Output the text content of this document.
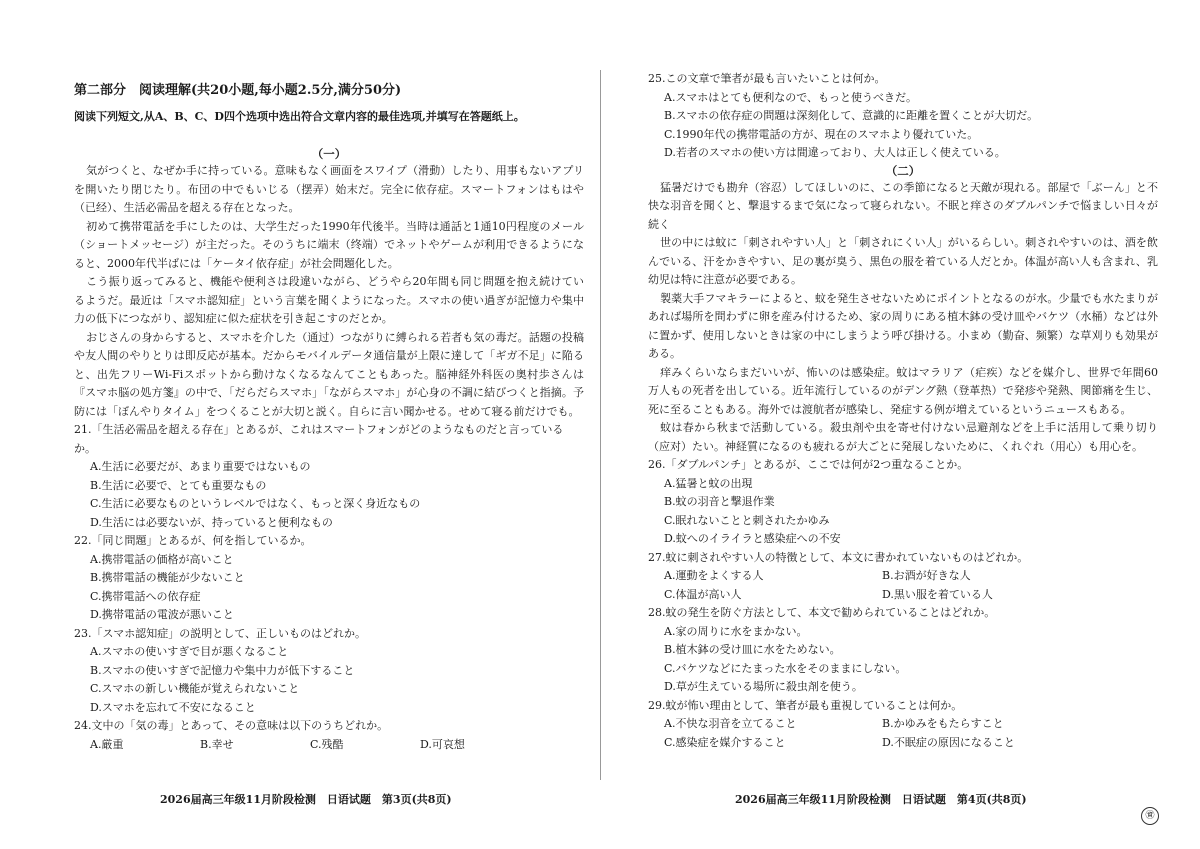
第二部分　阅读理解(共20小题,每小题2.5分,满分50分)
阅读下列短文,从A、B、C、D四个选项中选出符合文章内容的最佳选项,并填写在答题纸上。
（一）

気がつくと、なぜか手に持っている。意味もなく画面をスワイプ（滑動）したり、用事もないアプリを開いたり閉じたり。布団の中でもいじる（摆弄）始末だ。完全に依存症。スマートフォンはもはや（已经）、生活必需品を超える存在となった。

初めて携帯電話を手にしたのは、大学生だった1990年代後半。当時は通話と1通10円程度のメール（ショートメッセージ）が主だった。そのうちに端末（终端）でネットやゲームが利用できるようになると、2000年代半ばには「ケータイ依存症」が社会問題化した。

こう振り返ってみると、機能や便利さは段違いながら、どうやら20年間も同じ問題を抱え続けているようだ。最近は「スマホ認知症」という言葉を聞くようになった。スマホの使い過ぎが記憶力や集中力の低下につながり、認知症に似た症状を引き起こすのだとか。

おじさんの身からすると、スマホを介した（通过）つながりに縛られる若者も気の毒だ。話題の投稿や友人間のやりとりは即反応が基本。だからモバイルデータ通信量が上限に達して「ギガ不足」に陥ると、出先フリーWi-Fiスポットから動けなくなるなんてこともあった。脳神経外科医の奥村歩さんは『スマホ脳の処方箋』の中で、「だらだらスマホ」「ながらスマホ」が心身の不調に結びつくと指摘。予防には「ぼんやりタイム」をつくることが大切と説く。自らに言い聞かせる。せめて寝る前だけでも。

21.「生活必需品を超える存在」とあるが、これはスマートフォンがどのようなものだと言っているか。
A.生活に必要だが、あまり重要ではないもの
B.生活に必要で、とても重要なもの
C.生活に必要なものというレベルではなく、もっと深く身近なもの
D.生活には必要ないが、持っていると便利なもの
22.「同じ問題」とあるが、何を指しているか。
A.携帯電話の価格が高いこと
B.携帯電話の機能が少ないこと
C.携帯電話への依存症
D.携帯電話の電波が悪いこと
23.「スマホ認知症」の説明として、正しいものはどれか。
A.スマホの使いすぎで目が悪くなること
B.スマホの使いすぎで記憶力や集中力が低下すること
C.スマホの新しい機能が覚えられないこと
D.スマホを忘れて不安になること
24.文中の「気の毒」とあって、その意味は以下のうちどれか。
A.厳重	B.幸せ	C.残酷	D.可哀想
2026届高三年级11月阶段检测　日语试题　第3页(共8页)
25.この文章で筆者が最も言いたいことは何か。
A.スマホはとても便利なので、もっと使うべきだ。
B.スマホの依存症の問題は深刻化して、意識的に距離を置くことが大切だ。
C.1990年代の携帯電話の方が、現在のスマホより優れていた。
D.若者のスマホの使い方は間違っており、大人は正しく使えている。
（二）

猛暑だけでも勘弁（容忍）してほしいのに、この季節になると天敵が現れる。部屋で「ぶーん」と不快な羽音を聞くと、撃退するまで気になって寝られない。不眠と痒さのダブルパンチで悩ましい日々が続く

世の中には蚊に「刺されやすい人」と「刺されにくい人」がいるらしい。刺されやすいのは、酒を飲んでいる、汗をかきやすい、足の裏が臭う、黒色の服を着ている人だとか。体温が高い人も含まれ、乳幼児は特に注意が必要である。

製薬大手フマキラーによると、蚊を発生させないためにポイントとなるのが水。少量でも水たまりがあれば場所を問わずに卵を産み付けるため、家の周りにある植木鉢の受け皿やバケツ（水桶）などは外に置かず、使用しないときは家の中にしまうよう呼び掛ける。小まめ（勤奋、频繁）な草刈りも効果がある。

痒みくらいならまだいいが、怖いのは感染症。蚊はマラリア（疟疾）などを媒介し、世界で年間60万人もの死者を出している。近年流行しているのがデング熱（登革热）で発疹や発熱、関節痛を生じ、死に至ることもある。海外では渡航者が感染し、発症する例が増えているというニュースもある。

蚊は春から秋まで活動している。殺虫剤や虫を寄せ付けない忌避剤などを上手に活用して乗り切り（应对）たい。神経質になるのも疲れるが大ごとに発展しないために、くれぐれ（用心）も用心を。

26.「ダブルパンチ」とあるが、ここでは何が2つ重なることか。
A.猛暑と蚊の出現
B.蚊の羽音と撃退作業
C.眠れないことと刺されたかゆみ
D.蚊へのイライラと感染症への不安
27.蚊に刺されやすい人の特徴として、本文に書かれていないものはどれか。
A.運動をよくする人	B.お酒が好きな人
C.体温が高い人	D.黒い服を着ている人
28.蚊の発生を防ぐ方法として、本文で勧められていることはどれか。
A.家の周りに水をまかない。
B.植木鉢の受け皿に水をためない。
C.バケツなどにたまった水をそのままにしない。
D.草が生えている場所に殺虫剤を使う。
29.蚊が怖い理由として、筆者が最も重視していることは何か。
A.不快な羽音を立てること	B.かゆみをもたらすこと
C.感染症を媒介すること	D.不眠症の原因になること
2026届高三年级11月阶段检测　日语试题　第4页(共8页)
㊮
